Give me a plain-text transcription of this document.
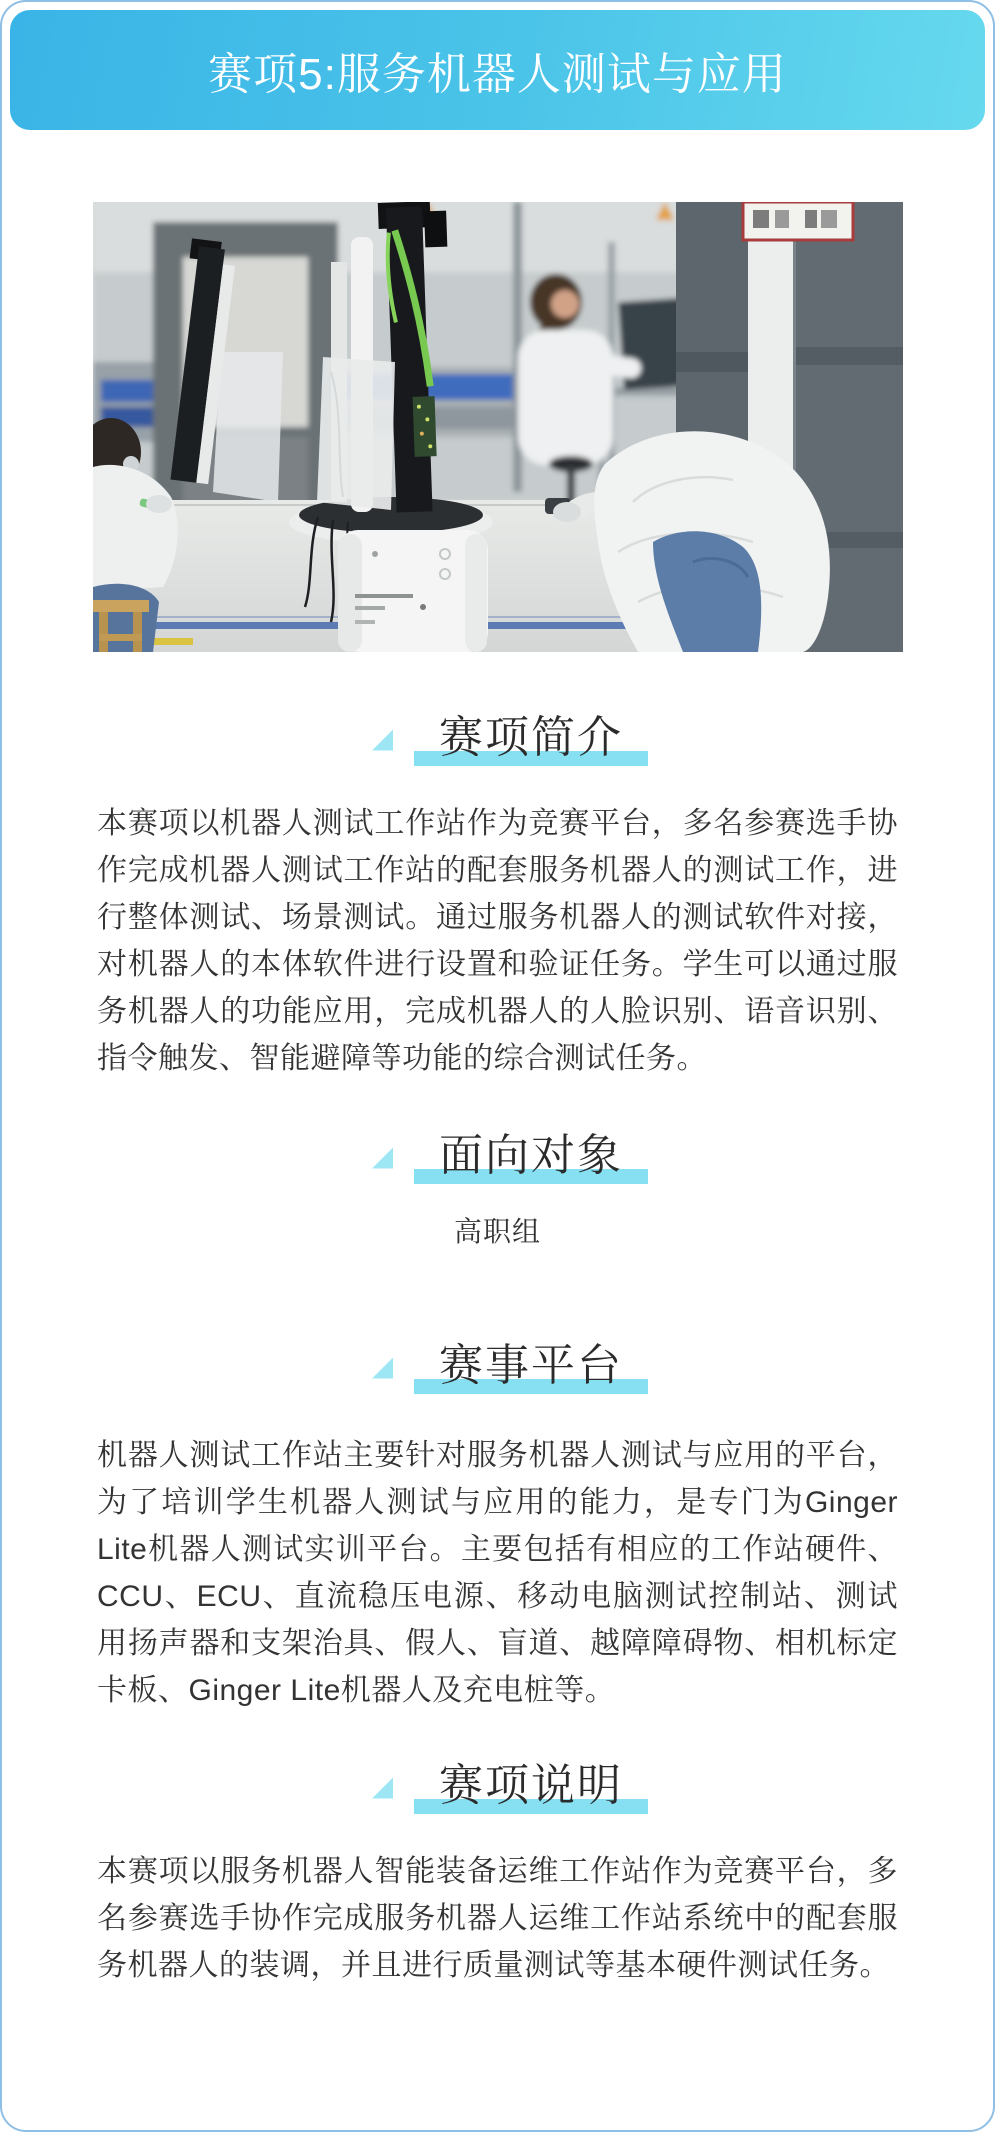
赛项5:服务机器人测试与应用
赛项简介

本赛项以机器人测试工作站作为竞赛平台，多名参赛选手协作完成机器人测试工作站的配套服务机器人的测试工作，进行整体测试、场景测试。通过服务机器人的测试软件对接，对机器人的本体软件进行设置和验证任务。学生可以通过服务机器人的功能应用，完成机器人的人脸识别、语音识别、指令触发、智能避障等功能的综合测试任务。

面向对象

高职组

赛事平台

机器人测试工作站主要针对服务机器人测试与应用的平台，为了培训学生机器人测试与应用的能力，是专门为Ginger Lite机器人测试实训平台。主要包括有相应的工作站硬件、CCU、ECU、直流稳压电源、移动电脑测试控制站、测试用扬声器和支架治具、假人、盲道、越障障碍物、相机标定卡板、Ginger Lite机器人及充电桩等。

赛项说明

本赛项以服务机器人智能装备运维工作站作为竞赛平台，多名参赛选手协作完成服务机器人运维工作站系统中的配套服务机器人的装调，并且进行质量测试等基本硬件测试任务。
